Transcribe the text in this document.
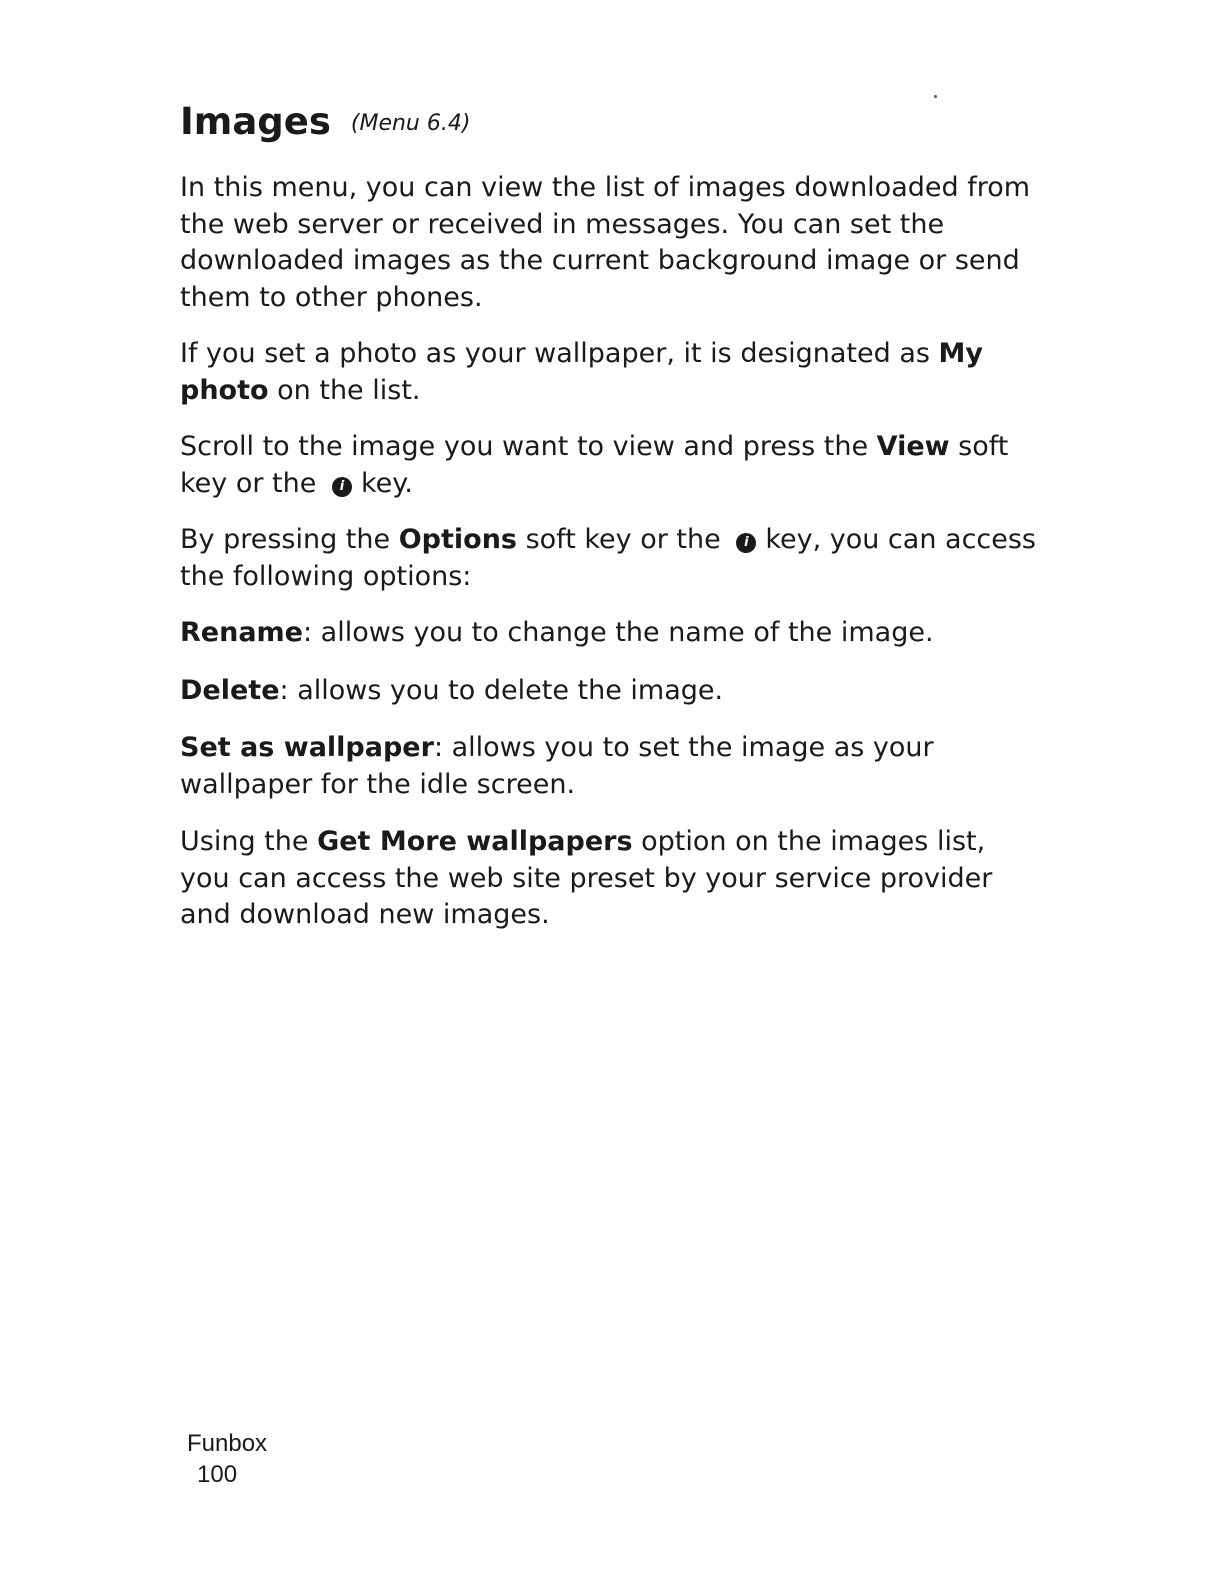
Images (Menu 6.4)

In this menu, you can view the list of images downloaded from the web server or received in messages. You can set the downloaded images as the current background image or send them to other phones.

If you set a photo as your wallpaper, it is designated as My photo on the list.

Scroll to the image you want to view and press the View soft key or the i key.

By pressing the Options soft key or the i key, you can access the following options:

Rename: allows you to change the name of the image.

Delete: allows you to delete the image.

Set as wallpaper: allows you to set the image as your wallpaper for the idle screen.

Using the Get More wallpapers option on the images list, you can access the web site preset by your service provider and download new images.

Funbox
100
